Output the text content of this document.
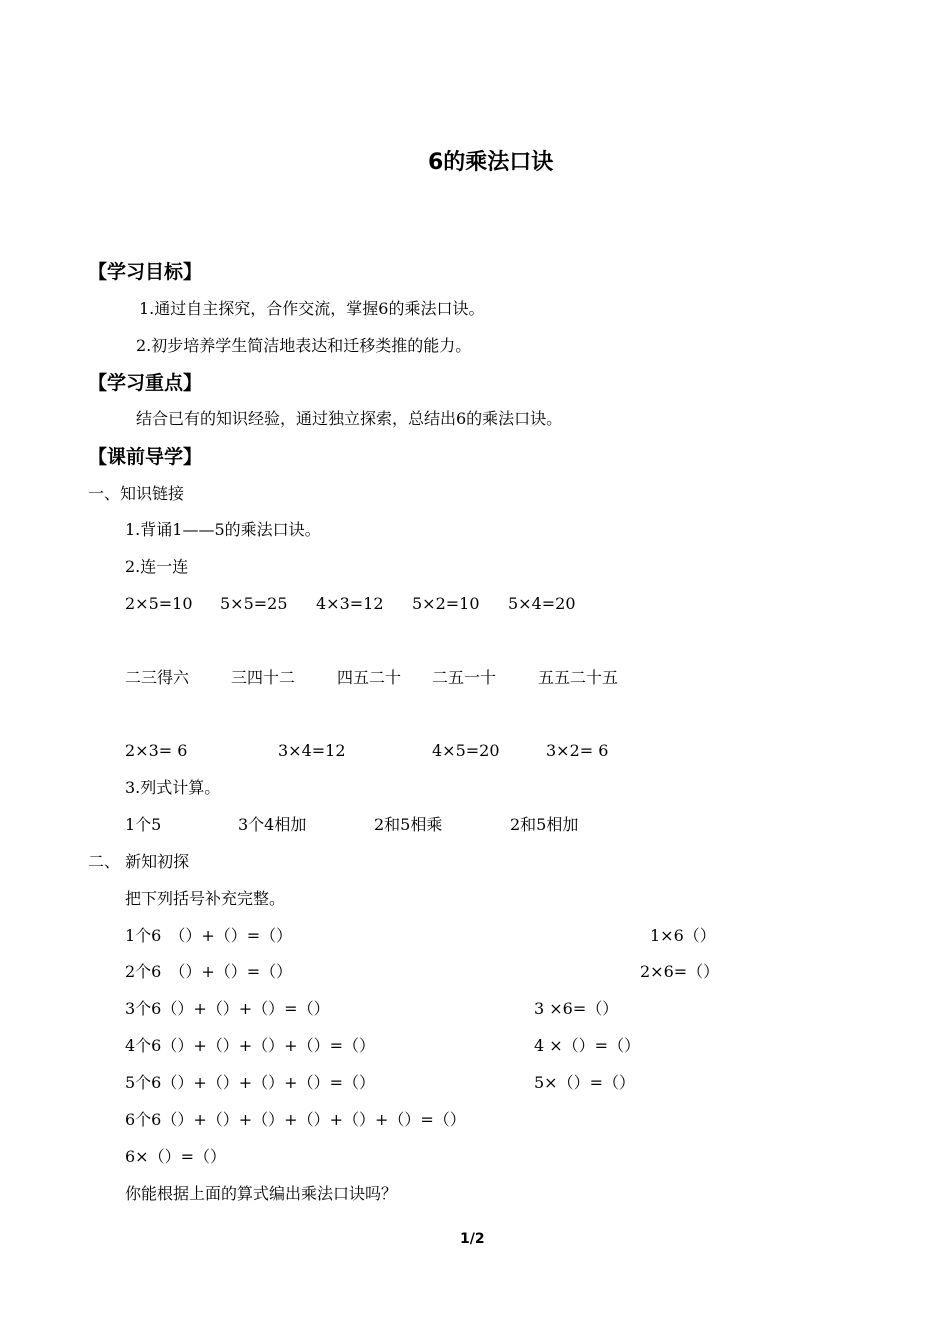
6的乘法口诀
【学习目标】
1.通过自主探究，合作交流，掌握6的乘法口诀。
2.初步培养学生简洁地表达和迁移类推的能力。
【学习重点】
结合已有的知识经验，通过独立探索，总结出6的乘法口诀。
【课前导学】
一、知识链接
1.背诵1——5的乘法口诀。
2.连一连
2×5=10 5×5=25 4×3=12 5×2=10 5×4=20
二三得六	三四十二	四五二十 二五一十	五五二十五
2×3= 6	3×4=12	4×5=20	3×2= 6
3.列式计算。
1个5	3个4相加	2和5相乘	2和5相加
二、 新知初探
把下列括号补充完整。
1个6　（）+（）=（）	1×6（）
2个6　（）+（）=（）	2×6=（）
3个6（）+（）+（）=（）	3 ×6=（）
4个6（）+（）+（）+（）=（）	4 ×（）=（）
5个6（）+（）+（）+（）=（）	5×（）=（）
6个6（）+（）+（）+（）+（）+（）=（）
6×（）=（）
你能根据上面的算式编出乘法口诀吗？
1/2
